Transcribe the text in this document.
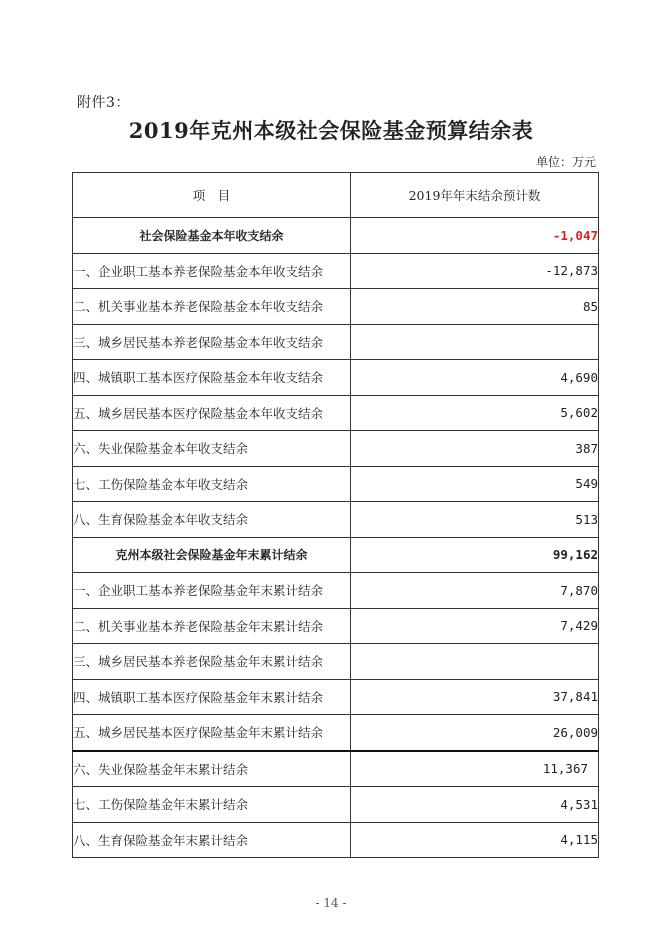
附件3：
2019年克州本级社会保险基金预算结余表
单位：万元
项　目	2019年年末结余预计数
社会保险基金本年收支结余	-1,047
一、企业职工基本养老保险基金本年收支结余	-12,873
二、机关事业基本养老保险基金本年收支结余	85
三、城乡居民基本养老保险基金本年收支结余	
四、城镇职工基本医疗保险基金本年收支结余	4,690
五、城乡居民基本医疗保险基金本年收支结余	5,602
六、失业保险基金本年收支结余	387
七、工伤保险基金本年收支结余	549
八、生育保险基金本年收支结余	513
克州本级社会保险基金年末累计结余	99,162
一、企业职工基本养老保险基金年末累计结余	7,870
二、机关事业基本养老保险基金年末累计结余	7,429
三、城乡居民基本养老保险基金年末累计结余	
四、城镇职工基本医疗保险基金年末累计结余	37,841
五、城乡居民基本医疗保险基金年末累计结余	26,009
六、失业保险基金年末累计结余	11,367
七、工伤保险基金年末累计结余	4,531
八、生育保险基金年末累计结余	4,115
- 14 -
